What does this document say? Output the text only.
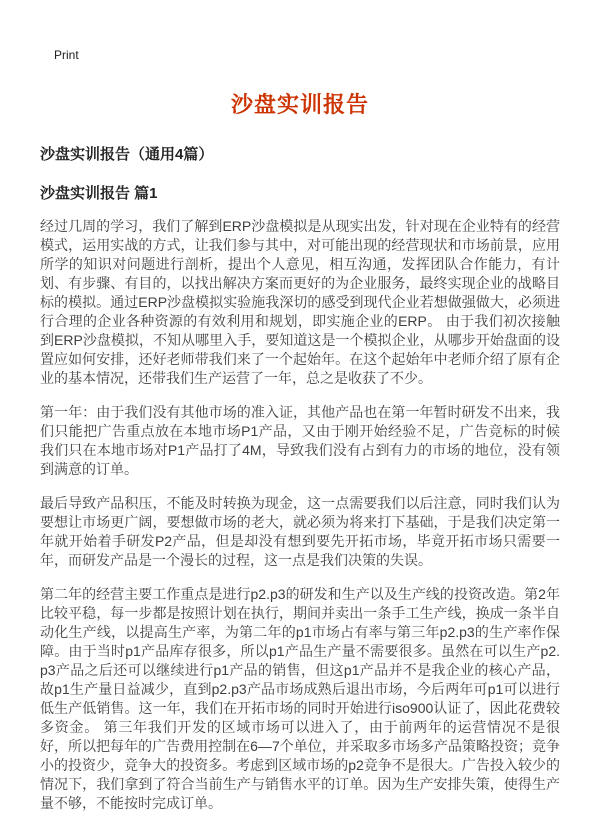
Print
沙盘实训报告
沙盘实训报告（通用4篇）
沙盘实训报告 篇1

经过几周的学习，我们了解到ERP沙盘模拟是从现实出发，针对现在企业特有的经营模式，运用实战的方式，让我们参与其中，对可能出现的经营现状和市场前景，应用所学的知识对问题进行剖析，提出个人意见，相互沟通，发挥团队合作能力，有计划、有步骤、有目的，以找出解决方案而更好的为企业服务，最终实现企业的战略目标的模拟。通过ERP沙盘模拟实验施我深切的感受到现代企业若想做强做大，必须进行合理的企业各种资源的有效利用和规划，即实施企业的ERP。 由于我们初次接触到ERP沙盘模拟，不知从哪里入手，要知道这是一个模拟企业，从哪步开始盘面的设置应如何安排，还好老师带我们来了一个起始年。在这个起始年中老师介绍了原有企业的基本情况，还带我们生产运营了一年，总之是收获了不少。

第一年：由于我们没有其他市场的准入证，其他产品也在第一年暂时研发不出来，我们只能把广告重点放在本地市场P1产品，又由于刚开始经验不足，广告竞标的时候我们只在本地市场对P1产品打了4M，导致我们没有占到有力的市场的地位，没有领到满意的订单。

最后导致产品积压，不能及时转换为现金，这一点需要我们以后注意，同时我们认为要想让市场更广阔，要想做市场的老大，就必须为将来打下基础，于是我们决定第一年就开始着手研发P2产品，但是却没有想到要先开拓市场，毕竟开拓市场只需要一年，而研发产品是一个漫长的过程，这一点是我们决策的失误。

第二年的经营主要工作重点是进行p2.p3的研发和生产以及生产线的投资改造。第2年比较平稳，每一步都是按照计划在执行，期间并卖出一条手工生产线，换成一条半自动化生产线，以提高生产率，为第二年的p1市场占有率与第三年p2.p3的生产率作保障。由于当时p1产品库存很多，所以p1产品生产量不需要很多。虽然在可以生产p2.p3产品之后还可以继续进行p1产品的销售，但这p1产品并不是我企业的核心产品，故p1生产量日益减少，直到p2.p3产品市场成熟后退出市场，今后两年可p1可以进行低生产低销售。这一年，我们在开拓市场的同时开始进行iso900认证了，因此花费较多资金。 第三年我们开发的区域市场可以进入了，由于前两年的运营情况不是很好，所以把每年的广告费用控制在6—7个单位，并采取多市场多产品策略投资；竞争小的投资少，竞争大的投资多。考虑到区域市场的p2竞争不是很大。广告投入较少的情况下，我们拿到了符合当前生产与销售水平的订单。因为生产安排失策，使得生产量不够，不能按时完成订单。
